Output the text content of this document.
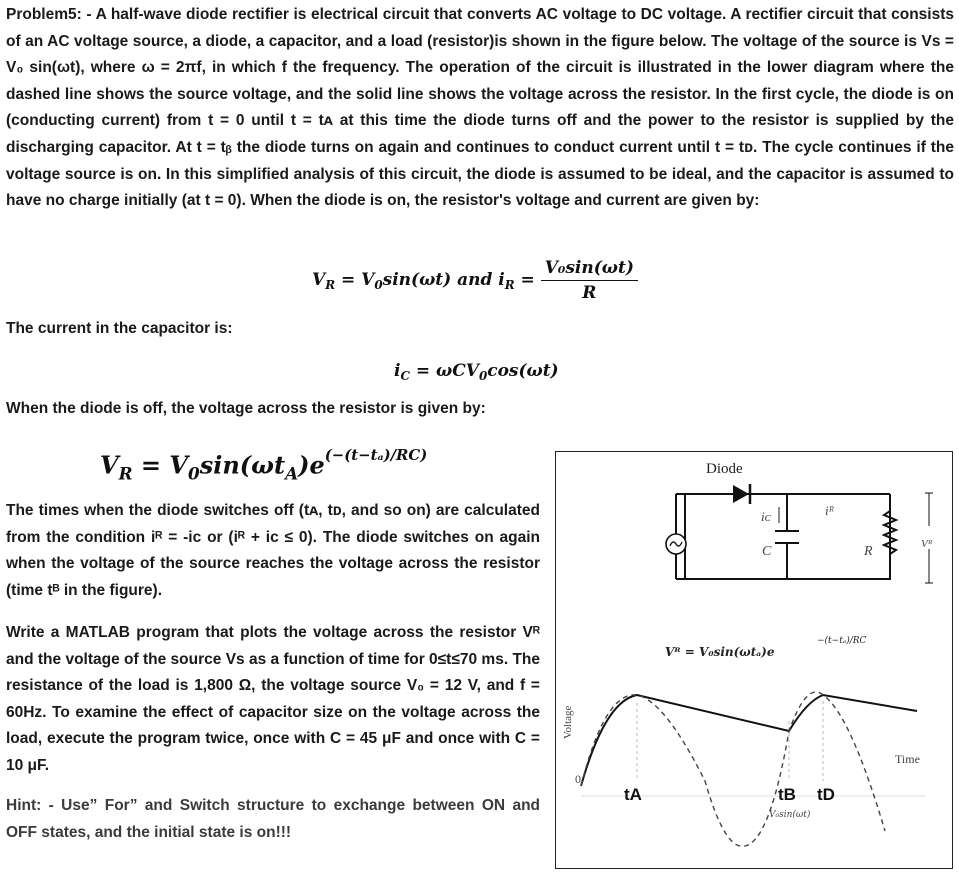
Problem5: - A half-wave diode rectifier is electrical circuit that converts AC voltage to DC voltage. A rectifier circuit that consists of an AC voltage source, a diode, a capacitor, and a load (resistor)is shown in the figure below. The voltage of the source is Vs = V₀ sin(ωt), where ω = 2πf, in which f the frequency. The operation of the circuit is illustrated in the lower diagram where the dashed line shows the source voltage, and the solid line shows the voltage across the resistor. In the first cycle, the diode is on (conducting current) from t = 0 until t = tᴀ at this time the diode turns off and the power to the resistor is supplied by the discharging capacitor. At t = tᵦ the diode turns on again and continues to conduct current until t = tᴅ. The cycle continues if the voltage source is on. In this simplified analysis of this circuit, the diode is assumed to be ideal, and the capacitor is assumed to have no charge initially (at t = 0). When the diode is on, the resistor's voltage and current are given by:
$V_R = V_0\sin(\omega t)$ and $i_R = \frac{\text{V₀sin(ωt)}}{R}$
The current in the capacitor is:
$i_C = \omega CV_0\cos(\omega t)$
When the diode is off, the voltage across the resistor is given by:
$V_R = V_0\sin(\omega t_A)e^{(-(t-t_a)/RC)}$
The times when the diode switches off (tᴀ, tᴅ, and so on) are calculated from the condition iᴿ = -iᴄ or (iᴿ + iᴄ ≤ 0). The diode switches on again when the voltage of the source reaches the voltage across the resistor (time tᴮ in the figure).
Write a MATLAB program that plots the voltage across the resistor Vᴿ and the voltage of the source Vs as a function of time for 0≤t≤70 ms. The resistance of the load is 1,800 Ω, the voltage source V₀ = 12 V, and f = 60Hz. To examine the effect of capacitor size on the voltage across the load, execute the program twice, once with C = 45 μF and once with C = 10 μF.
Hint: - Use” For” and Switch structure to exchange between ON and OFF states, and the initial state is on!!!
Diode
iᴄ	iᴿ
C	R	Vᴿ
Vᴿ = V₀sin(ωtₐ)e
−(t−tₐ)/RC
Voltage
Time
0
tA	tB tD
V₀sin(ωt)
